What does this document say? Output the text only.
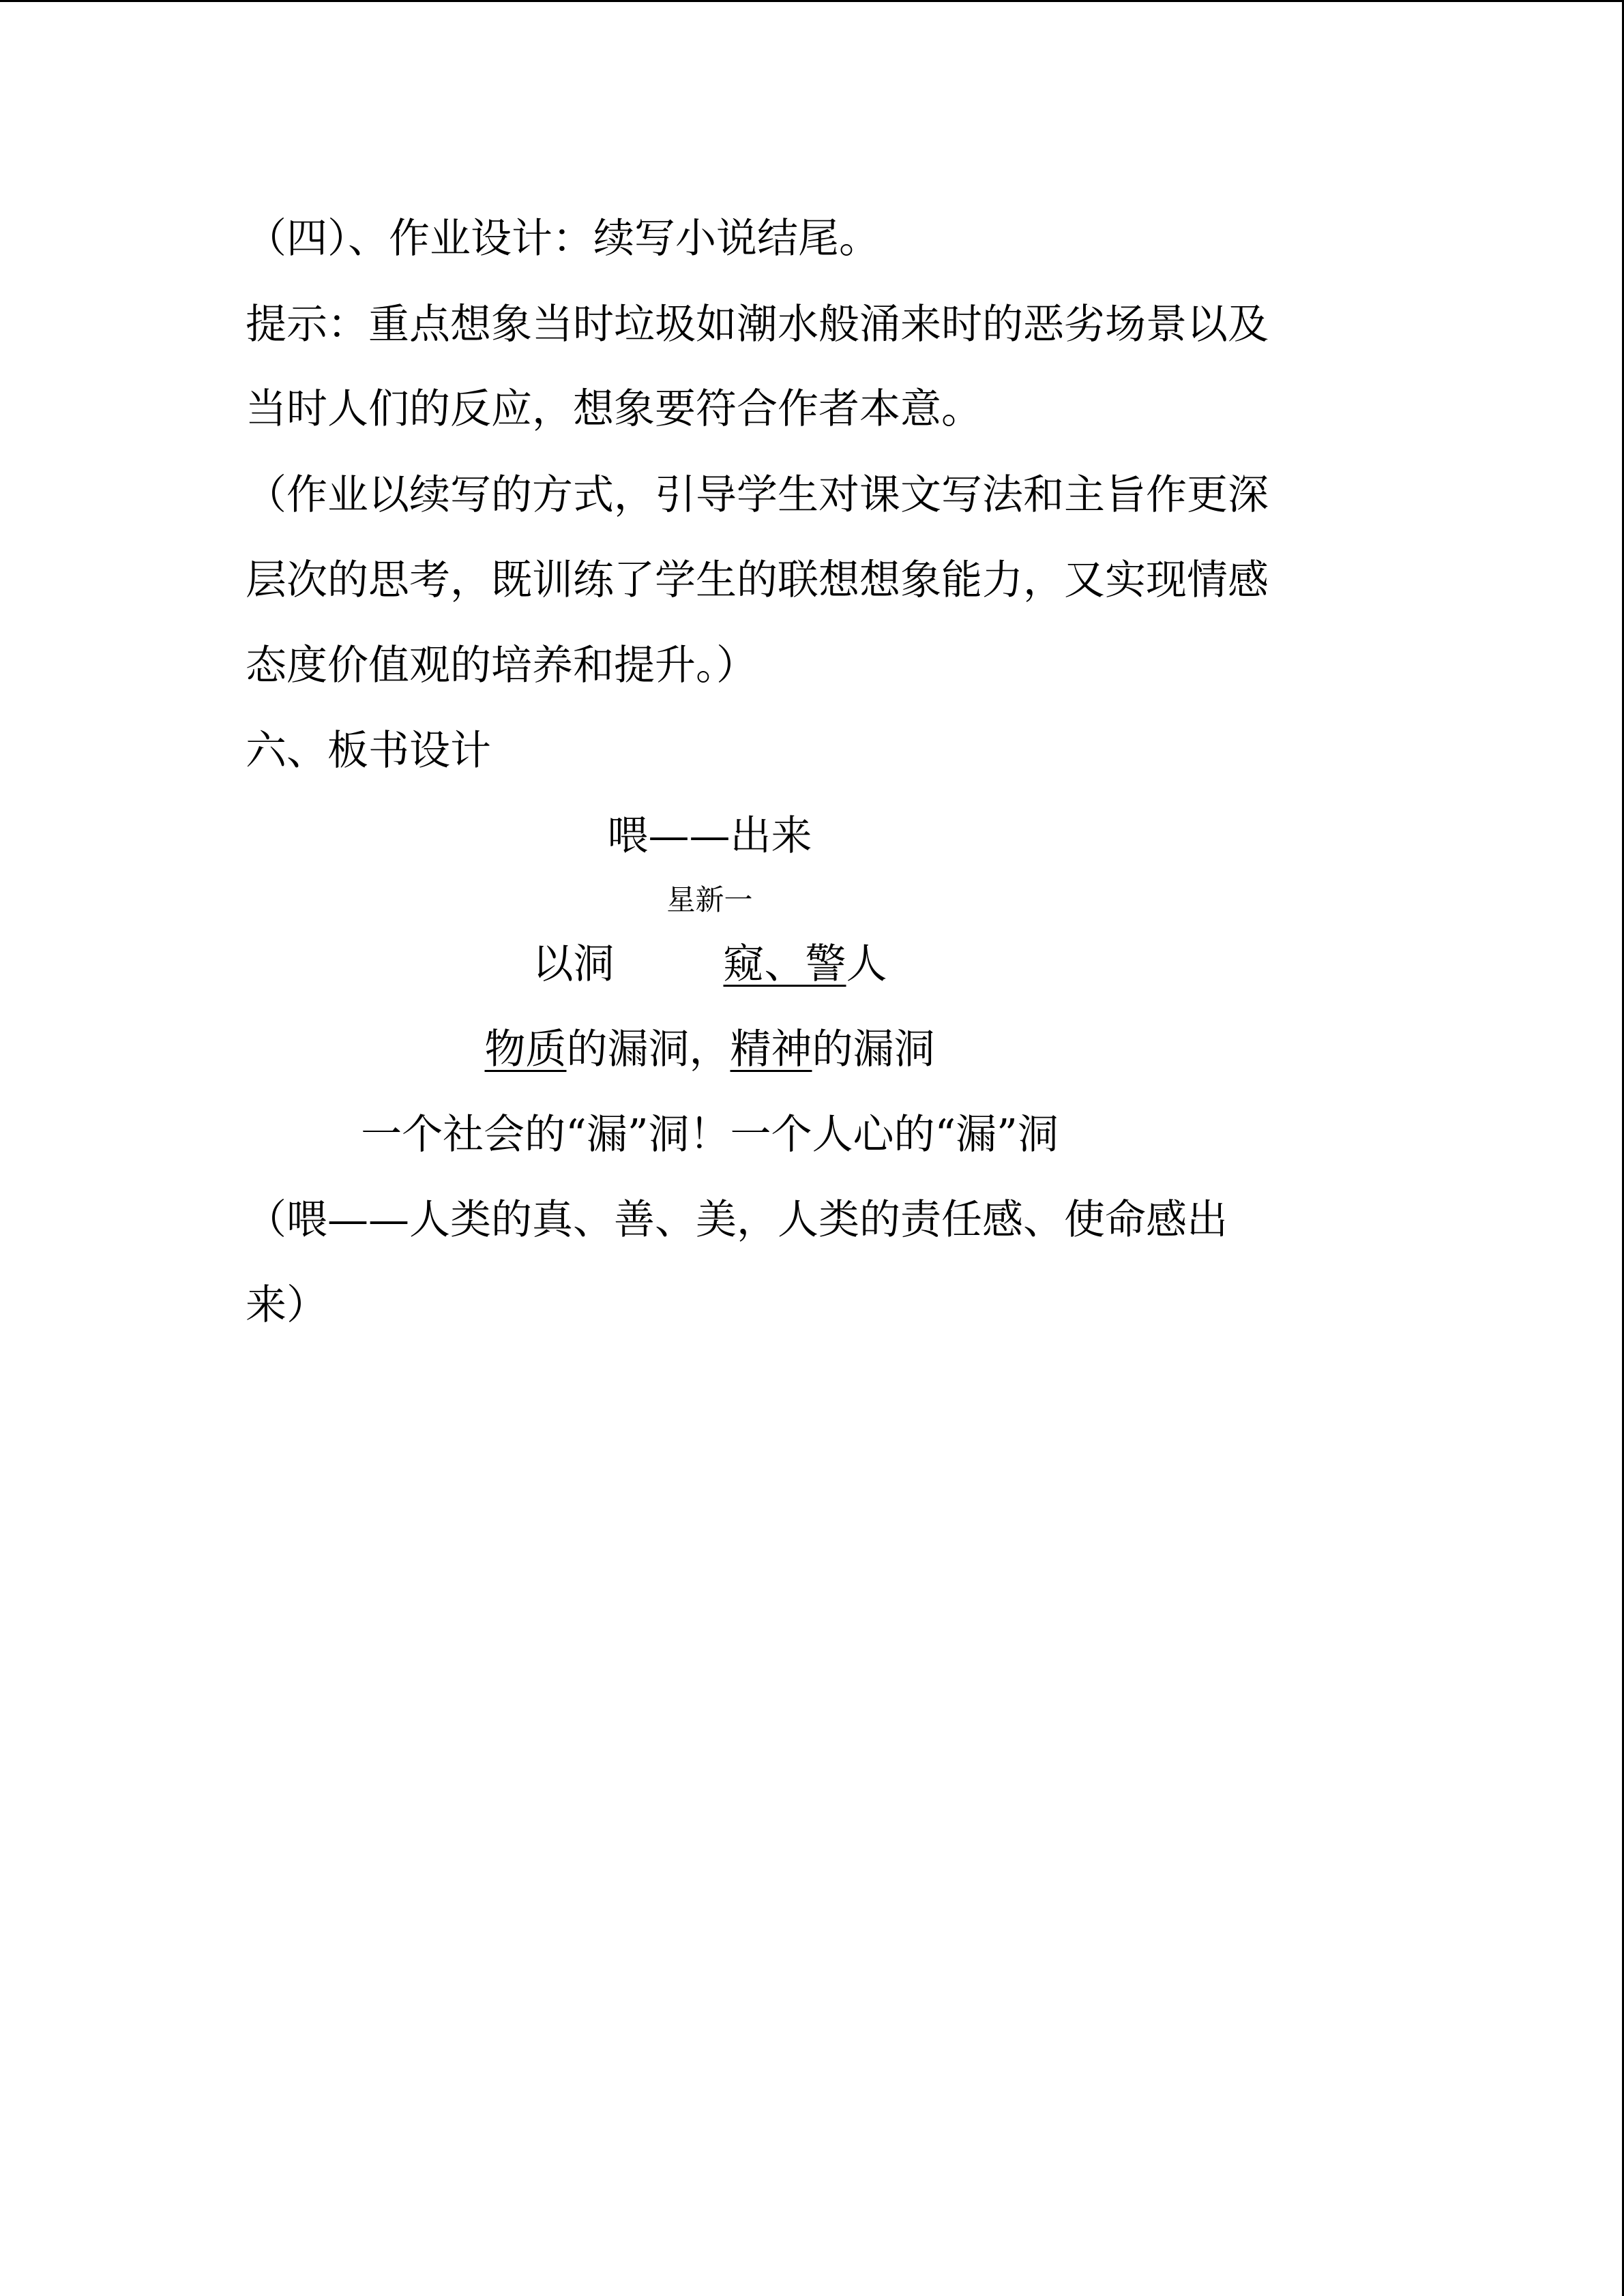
（四）、作业设计：续写小说结尾。
提示：重点想象当时垃圾如潮水般涌来时的恶劣场景以及
当时人们的反应，想象要符合作者本意。
（作业以续写的方式，引导学生对课文写法和主旨作更深
层次的思考，既训练了学生的联想想象能力，又实现情感
态度价值观的培养和提升。）
六、板书设计
喂——出来
星新一
以洞	窥、警人
物质的漏洞，精神的漏洞
一个社会的“漏”洞！一个人心的“漏”洞
（喂——人类的真、善、美，人类的责任感、使命感出
来）
